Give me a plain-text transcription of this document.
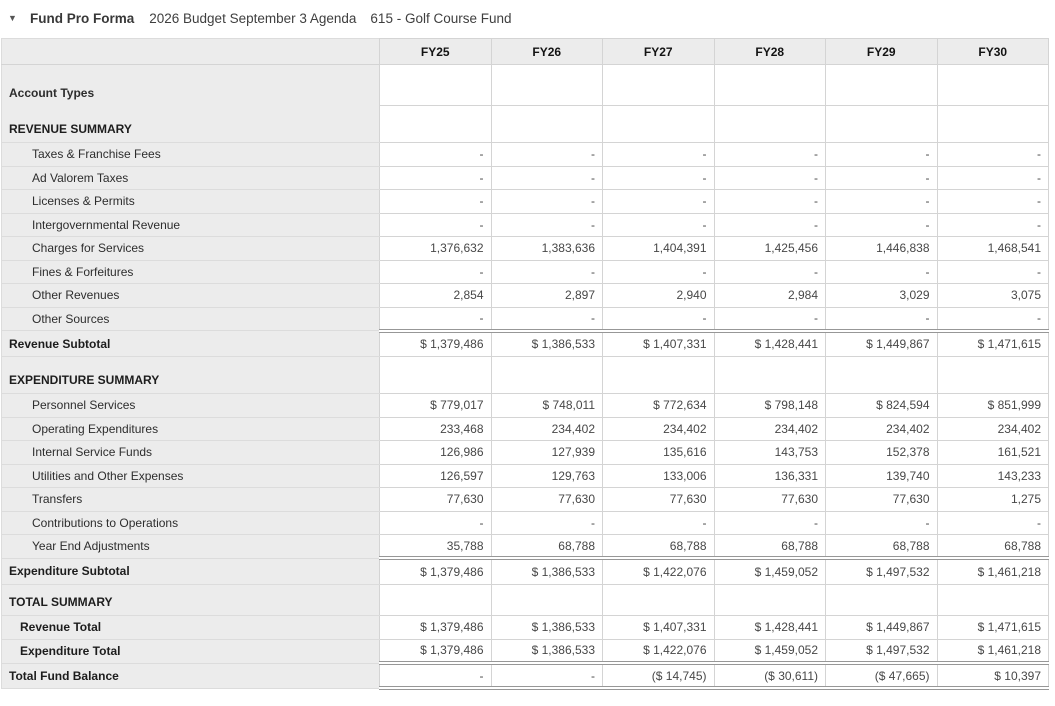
▼ Fund Pro Forma 2026 Budget September 3 Agenda 615 - Golf Course Fund
	FY25	FY26	FY27	FY28	FY29	FY30
Account Types						
REVENUE SUMMARY						
Taxes & Franchise Fees	-	-	-	-	-	-
Ad Valorem Taxes	-	-	-	-	-	-
Licenses & Permits	-	-	-	-	-	-
Intergovernmental Revenue	-	-	-	-	-	-
Charges for Services	1,376,632	1,383,636	1,404,391	1,425,456	1,446,838	1,468,541
Fines & Forfeitures	-	-	-	-	-	-
Other Revenues	2,854	2,897	2,940	2,984	3,029	3,075
Other Sources	-	-	-	-	-	-
Revenue Subtotal	$ 1,379,486	$ 1,386,533	$ 1,407,331	$ 1,428,441	$ 1,449,867	$ 1,471,615
EXPENDITURE SUMMARY						
Personnel Services	$ 779,017	$ 748,011	$ 772,634	$ 798,148	$ 824,594	$ 851,999
Operating Expenditures	233,468	234,402	234,402	234,402	234,402	234,402
Internal Service Funds	126,986	127,939	135,616	143,753	152,378	161,521
Utilities and Other Expenses	126,597	129,763	133,006	136,331	139,740	143,233
Transfers	77,630	77,630	77,630	77,630	77,630	1,275
Contributions to Operations	-	-	-	-	-	-
Year End Adjustments	35,788	68,788	68,788	68,788	68,788	68,788
Expenditure Subtotal	$ 1,379,486	$ 1,386,533	$ 1,422,076	$ 1,459,052	$ 1,497,532	$ 1,461,218
TOTAL SUMMARY						
Revenue Total	$ 1,379,486	$ 1,386,533	$ 1,407,331	$ 1,428,441	$ 1,449,867	$ 1,471,615
Expenditure Total	$ 1,379,486	$ 1,386,533	$ 1,422,076	$ 1,459,052	$ 1,497,532	$ 1,461,218
Total Fund Balance	-	-	($ 14,745)	($ 30,611)	($ 47,665)	$ 10,397
